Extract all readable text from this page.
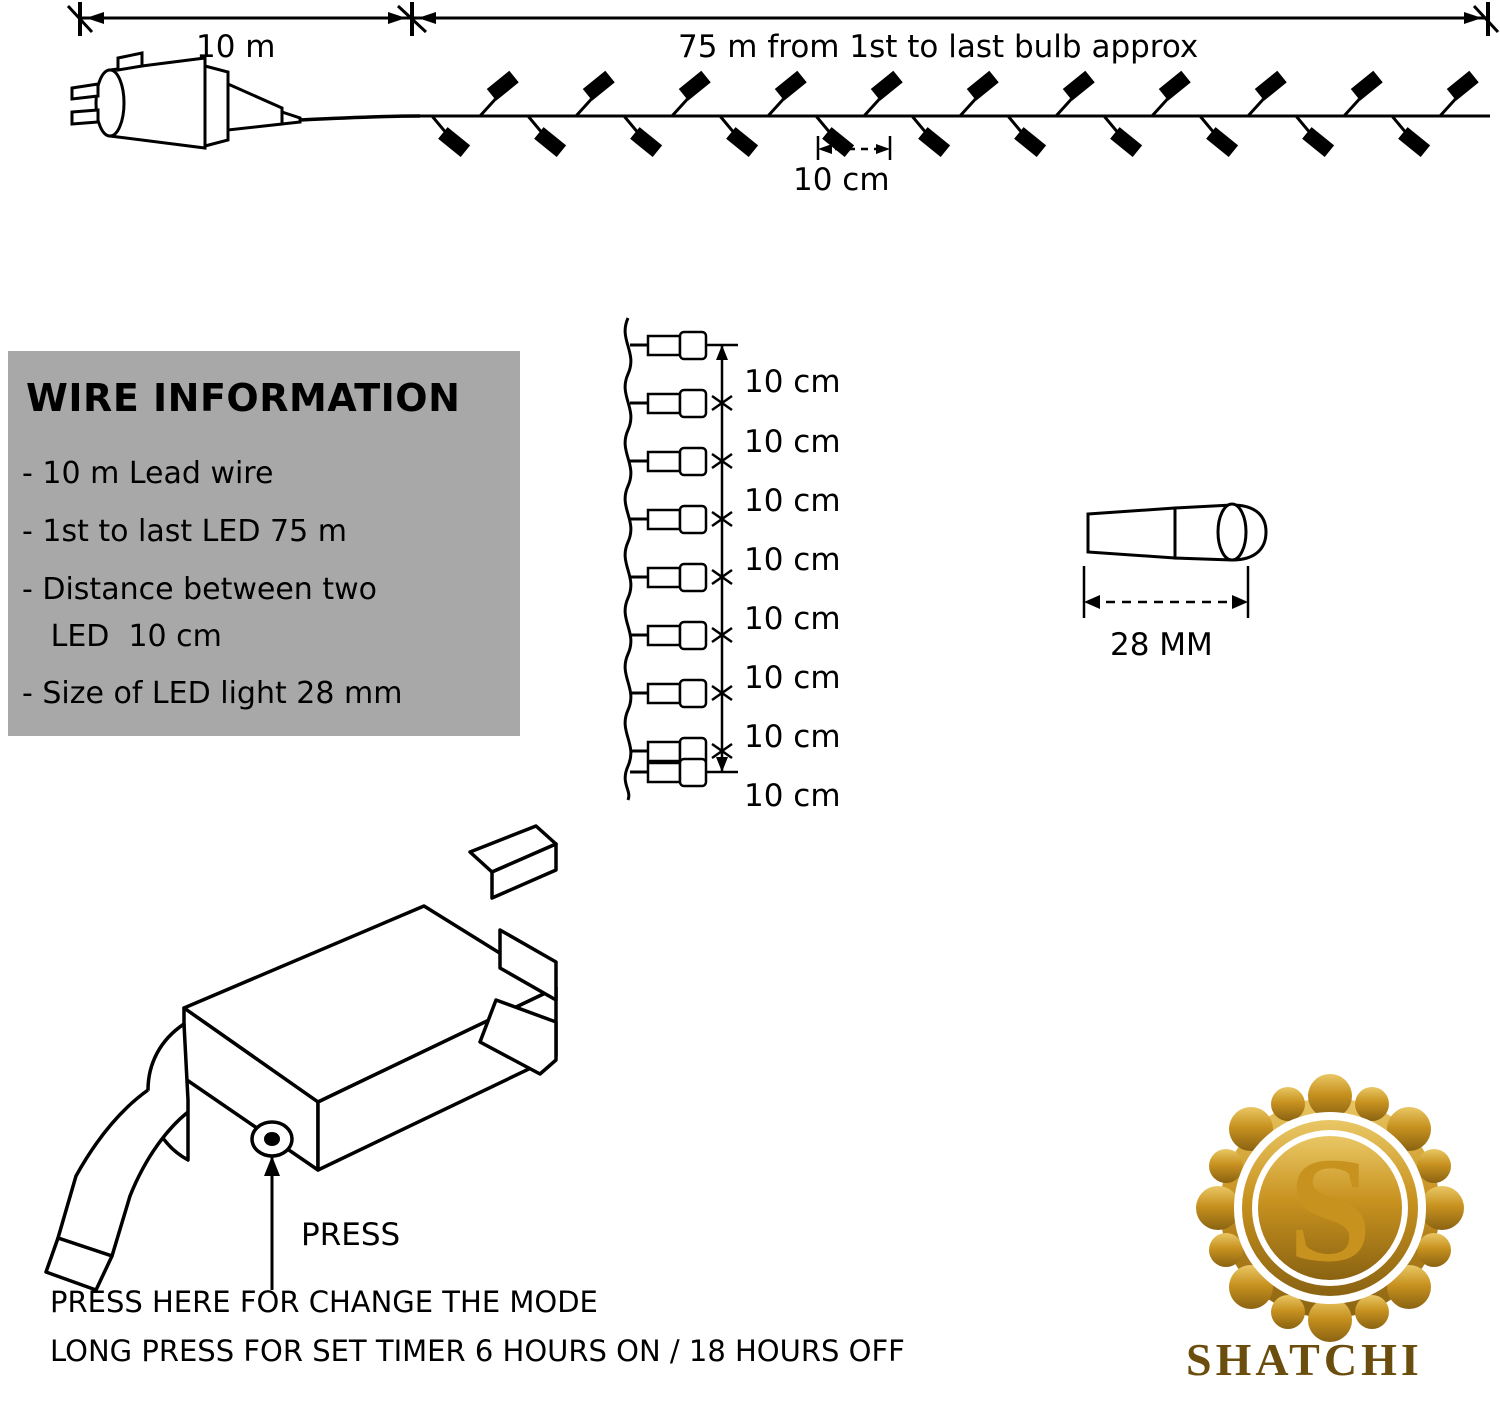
10 m	75 m from 1st to last bulb approx
10 cm
WIRE INFORMATION
- 10 m Lead wire
- 1st to last LED 75 m
- Distance between two
LED  10 cm
- Size of LED light 28 mm
10 cm
10 cm
10 cm
10 cm
10 cm
10 cm
10 cm
10 cm
28 MM
PRESS
PRESS HERE FOR CHANGE THE MODE
LONG PRESS FOR SET TIMER 6 HOURS ON / 18 HOURS OFF
S
SHATCHI
